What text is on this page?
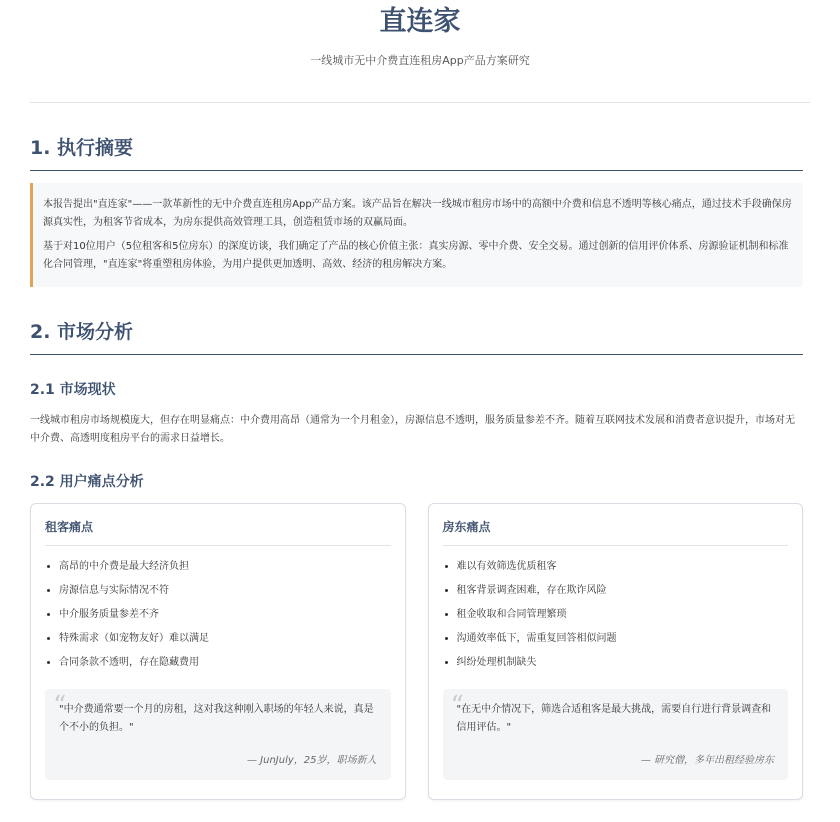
直连家
一线城市无中介费直连租房App产品方案研究
1. 执行摘要

本报告提出"直连家"——一款革新性的无中介费直连租房App产品方案。该产品旨在解决一线城市租房市场中的高额中介费和信息不透明等核心痛点，通过技术手段确保房源真实性，为租客节省成本，为房东提供高效管理工具，创造租赁市场的双赢局面。

基于对10位用户（5位租客和5位房东）的深度访谈，我们确定了产品的核心价值主张：真实房源、零中介费、安全交易。通过创新的信用评价体系、房源验证机制和标准化合同管理，"直连家"将重塑租房体验，为用户提供更加透明、高效、经济的租房解决方案。

2. 市场分析
2.1 市场现状
一线城市租房市场规模庞大，但存在明显痛点：中介费用高昂（通常为一个月租金），房源信息不透明，服务质量参差不齐。随着互联网技术发展和消费者意识提升，市场对无中介费、高透明度租房平台的需求日益增长。
2.2 用户痛点分析
租客痛点
• 高昂的中介费是最大经济负担
• 房源信息与实际情况不符
• 中介服务质量参差不齐
• 特殊需求（如宠物友好）难以满足
• 合同条款不透明，存在隐藏费用
“
"中介费通常要一个月的房租，这对我这种刚入职场的年轻人来说，真是个不小的负担。"
— JunJuly，25岁，职场新人
房东痛点
• 难以有效筛选优质租客
• 租客背景调查困难，存在欺诈风险
• 租金收取和合同管理繁琐
• 沟通效率低下，需重复回答相似问题
• 纠纷处理机制缺失
“
"在无中介情况下，筛选合适租客是最大挑战，需要自行进行背景调查和信用评估。"
— 研究僧，多年出租经验房东
